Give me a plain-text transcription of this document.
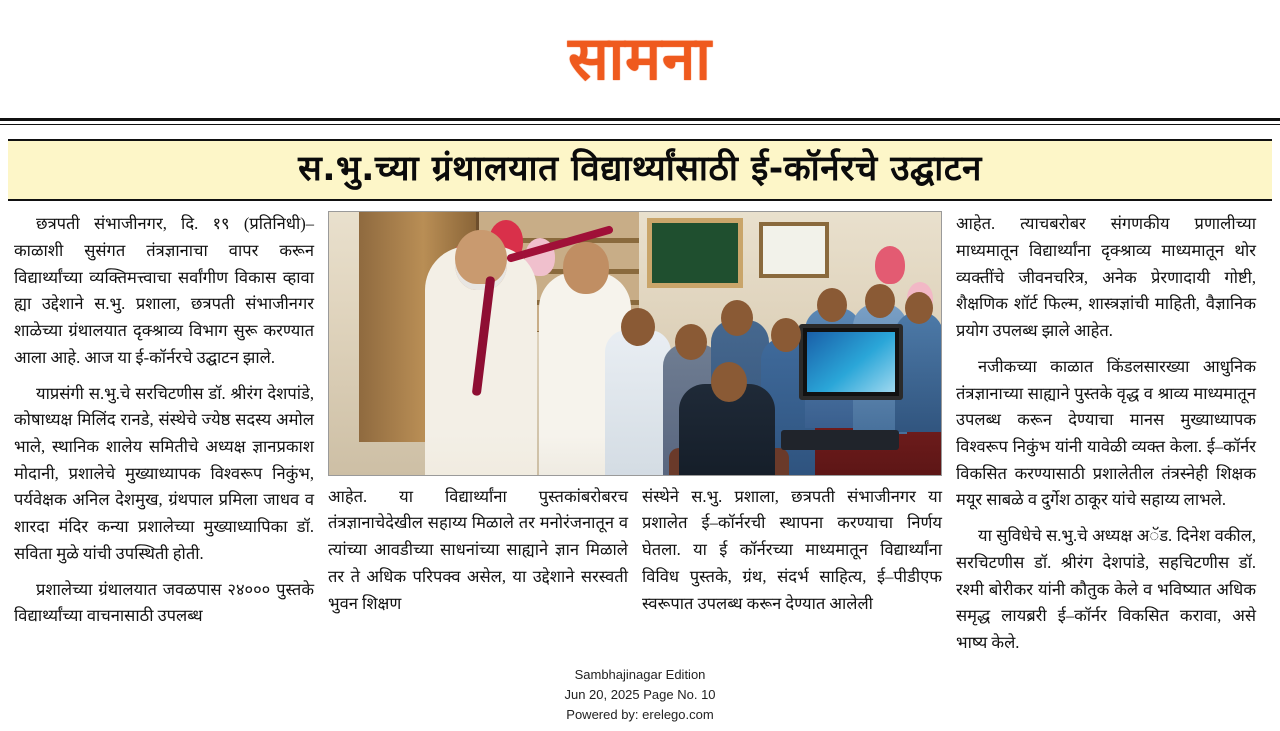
सामना
स.भु.च्या ग्रंथालयात विद्यार्थ्यांसाठी ई-कॉर्नरचे उद्घाटन

छत्रपती संभाजीनगर, दि. १९ (प्रतिनिधी)– काळाशी सुसंगत तंत्रज्ञानाचा वापर करून विद्यार्थ्यांच्या व्यक्तिमत्त्वाचा सर्वांगीण विकास व्हावा ह्या उद्देशाने स.भु. प्रशाला, छत्रपती संभाजीनगर शाळेच्या ग्रंथालयात दृक्श्राव्य विभाग सुरू करण्यात आला आहे. आज या ई-कॉर्नरचे उद्घाटन झाले.

याप्रसंगी स.भु.चे सरचिटणीस डॉ. श्रीरंग देशपांडे, कोषाध्यक्ष मिलिंद रानडे, संस्थेचे ज्येष्ठ सदस्य अमोल भाले, स्थानिक शालेय समितीचे अध्यक्ष ज्ञानप्रकाश मोदानी, प्रशालेचे मुख्याध्यापक विश्वरूप निकुंभ, पर्यवेक्षक अनिल देशमुख, ग्रंथपाल प्रमिला जाधव व शारदा मंदिर कन्या प्रशालेच्या मुख्याध्यापिका डॉ. सविता मुळे यांची उपस्थिती होती.

प्रशालेच्या ग्रंथालयात जवळपास २४००० पुस्तके विद्यार्थ्यांच्या वाचनासाठी उपलब्ध

आहेत. या विद्यार्थ्यांना पुस्तकांबरोबरच तंत्रज्ञानाचेदेखील सहाय्य मिळाले तर मनोरंजनातून व त्यांच्या आवडीच्या साधनांच्या साह्याने ज्ञान मिळाले तर ते अधिक परिपक्व असेल, या उद्देशाने सरस्वती भुवन शिक्षण

संस्थेने स.भु. प्रशाला, छत्रपती संभाजीनगर या प्रशालेत ई–कॉर्नरची स्थापना करण्याचा निर्णय घेतला. या ई कॉर्नरच्या माध्यमातून विद्यार्थ्यांना विविध पुस्तके, ग्रंथ, संदर्भ साहित्य, ई–पीडीएफ स्वरूपात उपलब्ध करून देण्यात आलेली

आहेत. त्याचबरोबर संगणकीय प्रणालीच्या माध्यमातून विद्यार्थ्यांना दृक्श्राव्य माध्यमातून थोर व्यक्तींचे जीवनचरित्र, अनेक प्रेरणादायी गोष्टी, शैक्षणिक शॉर्ट फिल्म, शास्त्रज्ञांची माहिती, वैज्ञानिक प्रयोग उपलब्ध झाले आहेत.

नजीकच्या काळात किंडलसारख्या आधुनिक तंत्रज्ञानाच्या साह्याने पुस्तके वृद्ध व श्राव्य माध्यमातून उपलब्ध करून देण्याचा मानस मुख्याध्यापक विश्वरूप निकुंभ यांनी यावेळी व्यक्त केला. ई–कॉर्नर विकसित करण्यासाठी प्रशालेतील तंत्रस्नेही शिक्षक मयूर साबळे व दुर्गेश ठाकूर यांचे सहाय्य लाभले.

या सुविधेचे स.भु.चे अध्यक्ष अॅड. दिनेश वकील, सरचिटणीस डॉ. श्रीरंग देशपांडे, सहचिटणीस डॉ. रश्मी बोरीकर यांनी कौतुक केले व भविष्यात अधिक समृद्ध लायब्ररी ई–कॉर्नर विकसित करावा, असे भाष्य केले.

Sambhajinagar Edition
Jun 20, 2025 Page No. 10
Powered by: erelego.com
